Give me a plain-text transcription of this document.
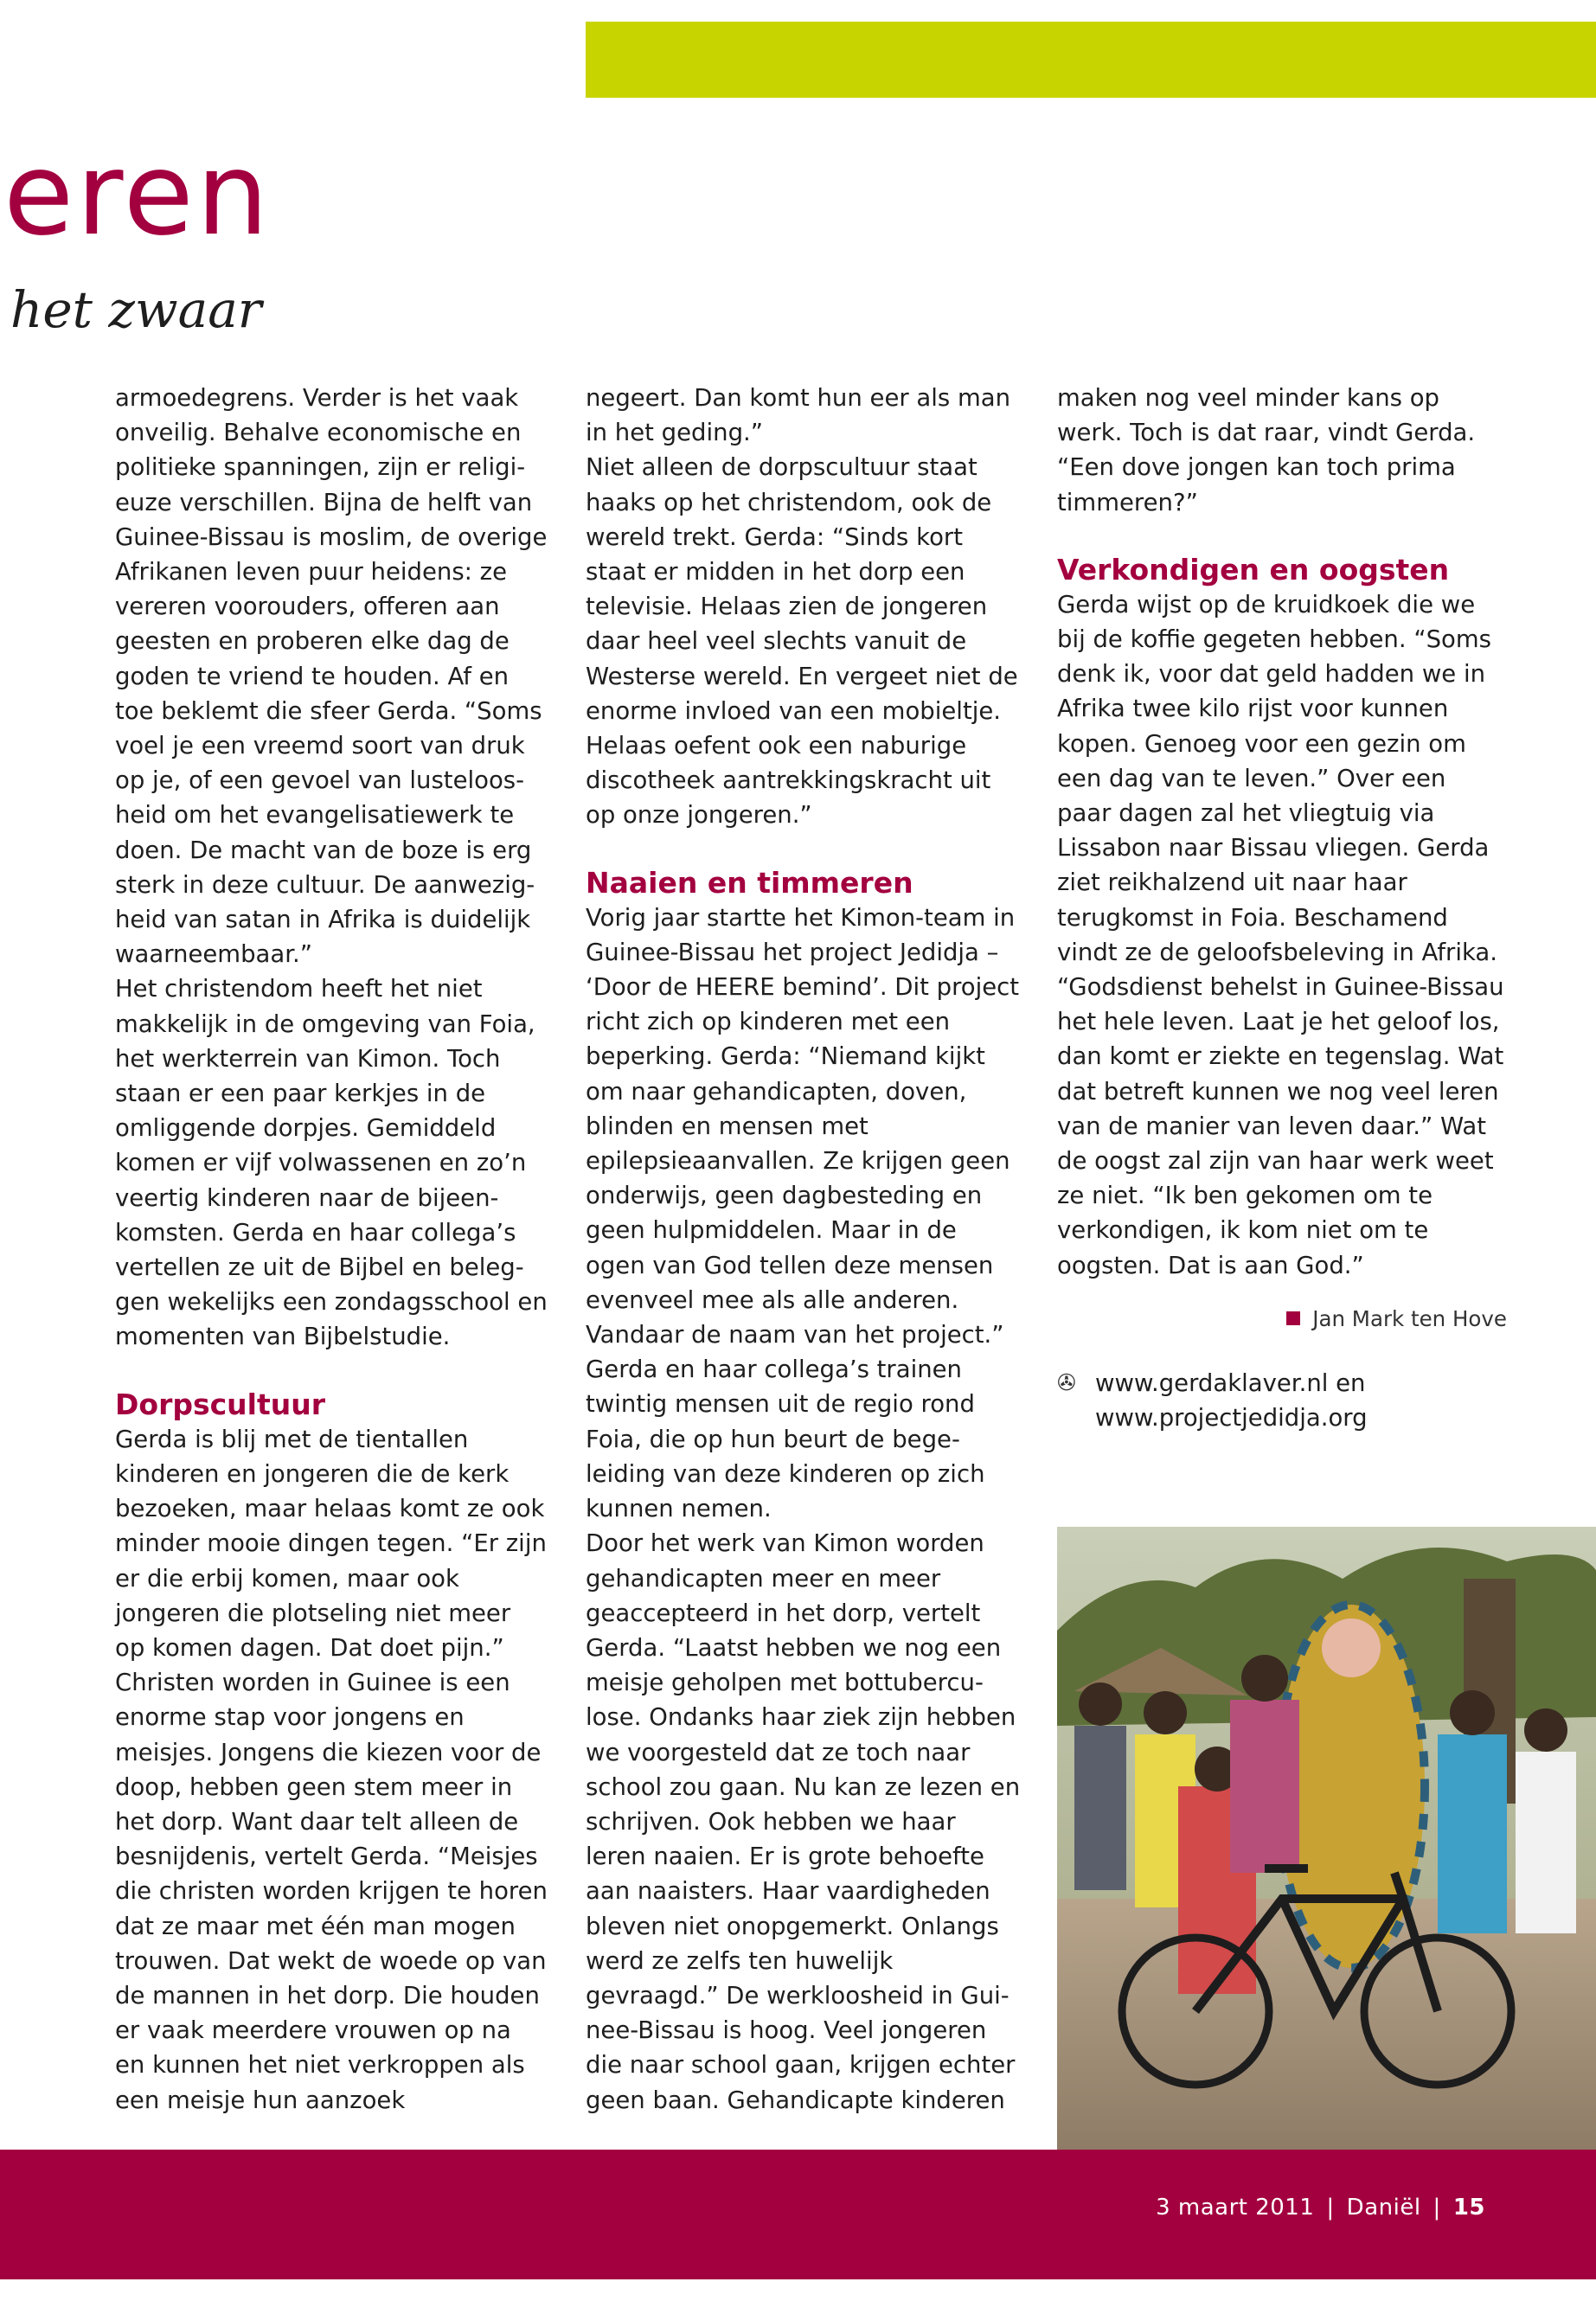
eren
het zwaar

armoedegrens. Verder is het vaak onveilig. Behalve economische en politieke spanningen, zijn er religieuze verschillen. Bijna de helft van Guinee-Bissau is moslim, de overige Afrikanen leven puur heidens: ze vereren voorouders, offeren aan geesten en proberen elke dag de goden te vriend te houden. Af en toe beklemt die sfeer Gerda. “Soms voel je een vreemd soort van druk op je, of een gevoel van lusteloosheid om het evangelisatiewerk te doen. De macht van de boze is erg sterk in deze cultuur. De aanwezigheid van satan in Afrika is duidelijk waarneembaar.”

Het christendom heeft het niet makkelijk in de omgeving van Foia, het werkterrein van Kimon. Toch staan er een paar kerkjes in de omliggende dorpjes. Gemiddeld komen er vijf volwassenen en zo’n veertig kinderen naar de bijeenkomsten. Gerda en haar collega’s vertellen ze uit de Bijbel en beleggen wekelijks een zondagsschool en momenten van Bijbelstudie.

Dorpscultuur

Gerda is blij met de tientallen kinderen en jongeren die de kerk bezoeken, maar helaas komt ze ook minder mooie dingen tegen. “Er zijn er die erbij komen, maar ook jongeren die plotseling niet meer op komen dagen. Dat doet pijn.” Christen worden in Guinee is een enorme stap voor jongens en meisjes. Jongens die kiezen voor de doop, hebben geen stem meer in het dorp. Want daar telt alleen de besnijdenis, vertelt Gerda. “Meisjes die christen worden krijgen te horen dat ze maar met één man mogen trouwen. Dat wekt de woede op van de mannen in het dorp. Die houden er vaak meerdere vrouwen op na en kunnen het niet verkroppen als een meisje hun aanzoek

negeert. Dan komt hun eer als man in het geding.”

Niet alleen de dorpscultuur staat haaks op het christendom, ook de wereld trekt. Gerda: “Sinds kort staat er midden in het dorp een televisie. Helaas zien de jongeren daar heel veel slechts vanuit de Westerse wereld. En vergeet niet de enorme invloed van een mobieltje. Helaas oefent ook een naburige discotheek aantrekkingskracht uit op onze jongeren.”

Naaien en timmeren

Vorig jaar startte het Kimon-team in Guinee-Bissau het project Jedidja – ‘Door de HEERE bemind’. Dit project richt zich op kinderen met een beperking. Gerda: “Niemand kijkt om naar gehandicapten, doven, blinden en mensen met epilepsieaanvallen. Ze krijgen geen onderwijs, geen dagbesteding en geen hulpmiddelen. Maar in de ogen van God tellen deze mensen evenveel mee als alle anderen. Vandaar de naam van het project.” Gerda en haar collega’s trainen twintig mensen uit de regio rond Foia, die op hun beurt de begeleiding van deze kinderen op zich kunnen nemen.

Door het werk van Kimon worden gehandicapten meer en meer geaccepteerd in het dorp, vertelt Gerda. “Laatst hebben we nog een meisje geholpen met bottuberculose. Ondanks haar ziek zijn hebben we voorgesteld dat ze toch naar school zou gaan. Nu kan ze lezen en schrijven. Ook hebben we haar leren naaien. Er is grote behoefte aan naaisters. Haar vaardigheden bleven niet onopgemerkt. Onlangs werd ze zelfs ten huwelijk gevraagd.” De werkloosheid in Guinee-Bissau is hoog. Veel jongeren die naar school gaan, krijgen echter geen baan. Gehandicapte kinderen

maken nog veel minder kans op werk. Toch is dat raar, vindt Gerda. “Een dove jongen kan toch prima timmeren?”

Verkondigen en oogsten

Gerda wijst op de kruidkoek die we bij de koffie gegeten hebben. “Soms denk ik, voor dat geld hadden we in Afrika twee kilo rijst voor kunnen kopen. Genoeg voor een gezin om een dag van te leven.” Over een paar dagen zal het vliegtuig via Lissabon naar Bissau vliegen. Gerda ziet reikhalzend uit naar haar terugkomst in Foia. Beschamend vindt ze de geloofsbeleving in Afrika. “Godsdienst behelst in Guinee-Bissau het hele leven. Laat je het geloof los, dan komt er ziekte en tegenslag. Wat dat betreft kunnen we nog veel leren van de manier van leven daar.” Wat de oogst zal zijn van haar werk weet ze niet. “Ik ben gekomen om te verkondigen, ik kom niet om te oogsten. Dat is aan God.”

Jan Mark ten Hove
✇ www.gerdaklaver.nl en
www.projectjedidja.org
3 maart 2011 | Daniël | 15
